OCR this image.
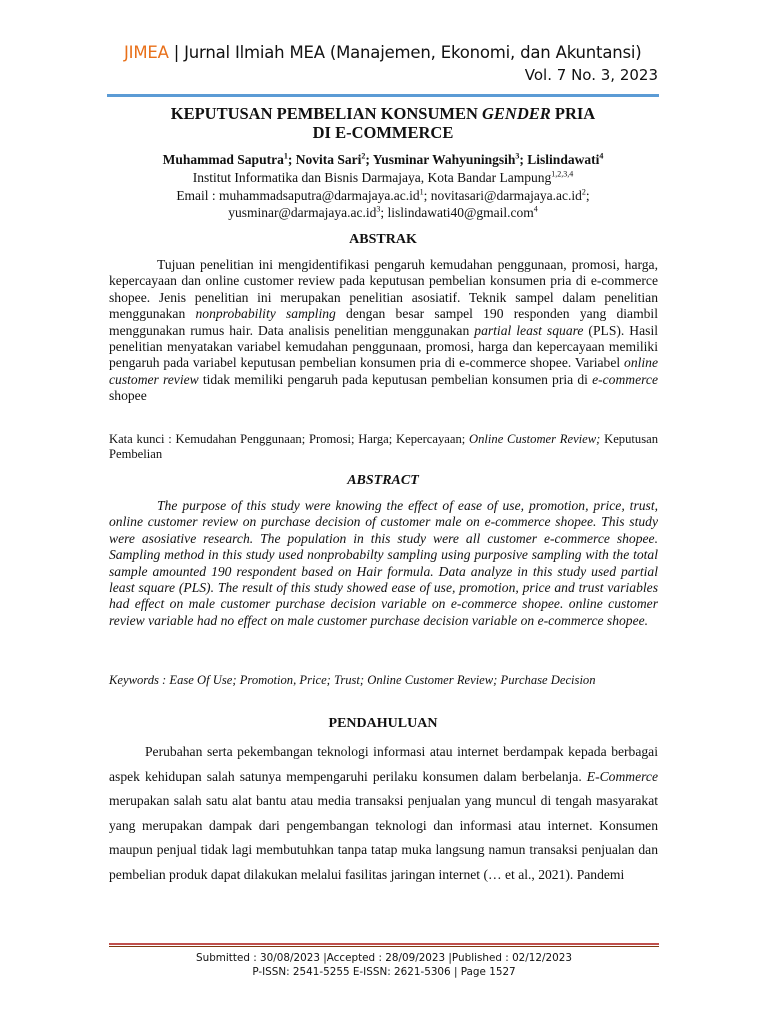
JIMEA | Jurnal Ilmiah MEA (Manajemen, Ekonomi, dan Akuntansi)
Vol. 7 No. 3, 2023
KEPUTUSAN PEMBELIAN KONSUMEN GENDER PRIA
DI E-COMMERCE
Muhammad Saputra$^1$; Novita Sari$^2$; Yusminar Wahyuningsih$^3$; Lislindawati$^4$
Institut Informatika dan Bisnis Darmajaya, Kota Bandar Lampung$^{1,2,3,4}$
Email : $muhammadsaputra@darmajaya.ac.id^1$; $novitasari@darmajaya.ac.id^2$;
$yusminar@darmajaya.ac.id^3$; lislindawati40@gmail.com$^4$
ABSTRAK
Tujuan penelitian ini mengidentifikasi pengaruh kemudahan penggunaan, promosi, harga, kepercayaan dan online customer review pada keputusan pembelian konsumen pria di e-commerce shopee. Jenis penelitian ini merupakan penelitian asosiatif. Teknik sampel dalam penelitian menggunakan nonprobability sampling dengan besar sampel 190 responden yang diambil menggunakan rumus hair. Data analisis penelitian menggunakan partial least square (PLS). Hasil penelitian menyatakan variabel kemudahan penggunaan, promosi, harga dan kepercayaan memiliki pengaruh pada variabel keputusan pembelian konsumen pria di e-commerce shopee. Variabel online customer review tidak memiliki pengaruh pada keputusan pembelian konsumen pria di e-commerce shopee
Kata kunci : Kemudahan Penggunaan; Promosi; Harga; Kepercayaan; Online Customer Review; Keputusan Pembelian
ABSTRACT
The purpose of this study were knowing the effect of ease of use, promotion, price, trust, online customer review on purchase decision of customer male on e-commerce shopee. This study were asosiative research. The population in this study were all customer e-commerce shopee. Sampling method in this study used nonprobabilty sampling using purposive sampling with the total sample amounted 190 respondent based on Hair formula. Data analyze in this study used partial least square (PLS). The result of this study showed ease of use, promotion, price and trust variables had effect on male customer purchase decision variable on e-commerce shopee. online customer review variable had no effect on male customer purchase decision variable on e-commerce shopee.
Keywords : Ease Of Use; Promotion, Price; Trust; Online Customer Review; Purchase Decision
PENDAHULUAN
Perubahan serta pekembangan teknologi informasi atau internet berdampak kepada berbagai aspek kehidupan salah satunya mempengaruhi perilaku konsumen dalam berbelanja. E-Commerce merupakan salah satu alat bantu atau media transaksi penjualan yang muncul di tengah masyarakat yang merupakan dampak dari pengembangan teknologi dan informasi atau internet. Konsumen maupun penjual tidak lagi membutuhkan tanpa tatap muka langsung namun transaksi penjualan dan pembelian produk dapat dilakukan melalui fasilitas jaringan internet (… et al., 2021). Pandemi
Submitted : 30/08/2023 |Accepted : 28/09/2023 |Published : 02/12/2023
P-ISSN: 2541-5255 E-ISSN: 2621-5306 | Page 1527
